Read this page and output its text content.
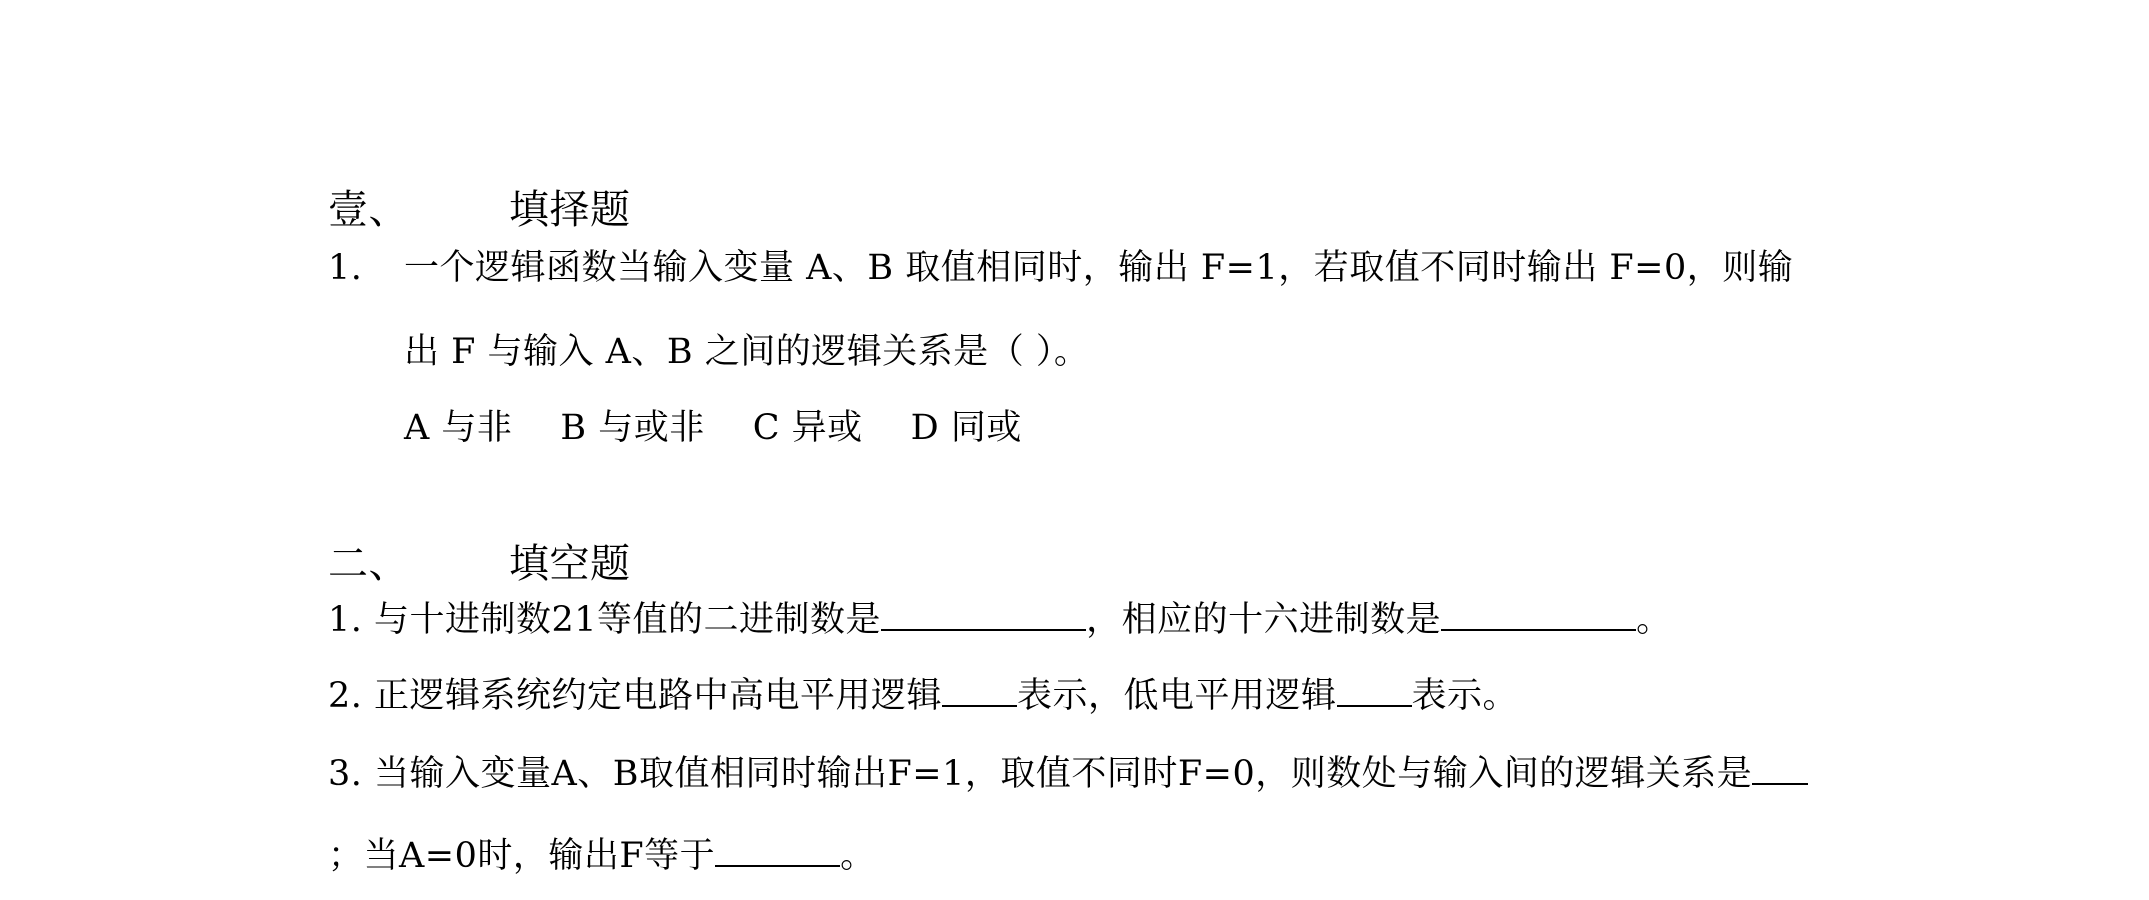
壹、	填择题
1. 一个逻辑函数当输入变量 A、B 取值相同时，输出 F=1，若取值不同时输出 F=0，则输
出 F 与输入 A、B 之间的逻辑关系是（ ）。
A 与非 B 与或非 C 异或 D 同或
二、	填空题
1. 与十进制数21等值的二进制数是	，相应的十六进制数是	。
2. 正逻辑系统约定电路中高电平用逻辑 表示，低电平用逻辑 表示。
3. 当输入变量A、B取值相同时输出F=1，取值不同时F=0，则数处与输入间的逻辑关系是
；当A=0时，输出F等于	。
